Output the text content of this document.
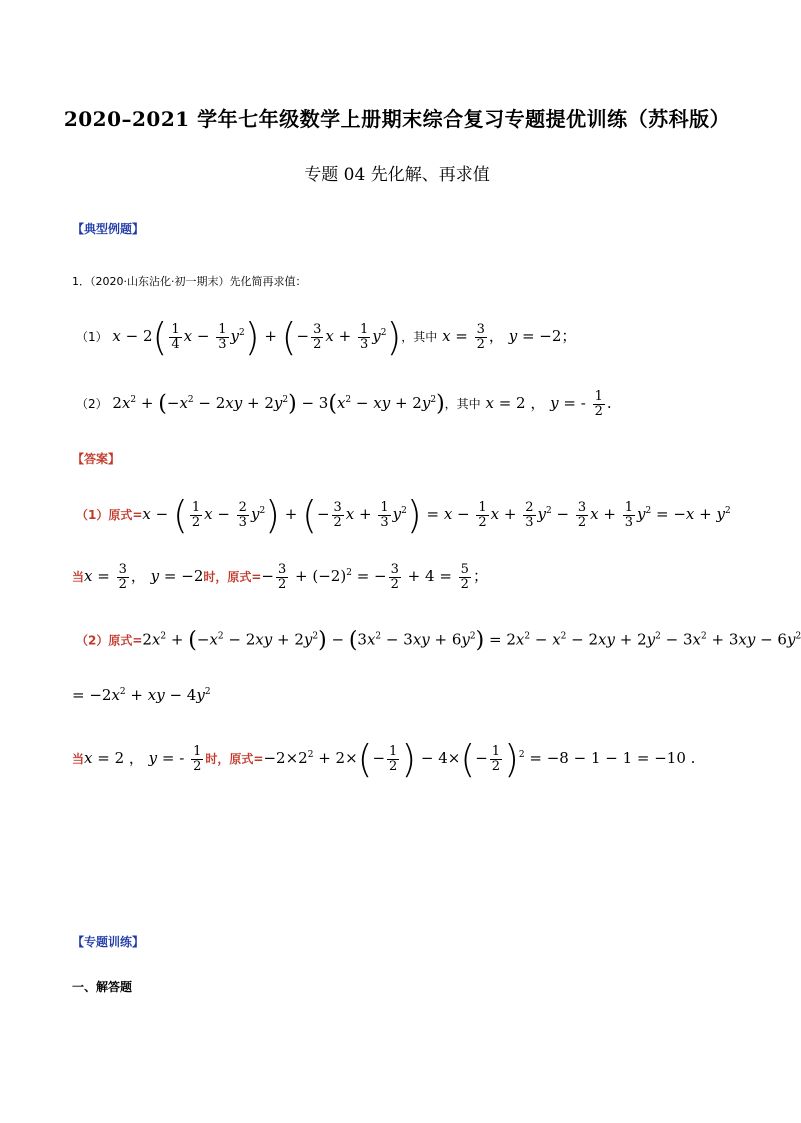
2020–2021 学年七年级数学上册期末综合复习专题提优训练（苏科版）
专题 04 先化解、再求值
【典型例题】
1．（2020·山东沾化·初一期末）先化简再求值：
（1） $x - 2( \frac{1}{4}$ $x - \frac{1}{3} y^2$) + (− $\frac{3}{2}$ $x + \frac{1}{3} y^2$)，其中 $x = \frac{3}{2}$ ， y = −2；
（2） $2x^2 + (-x^2 - 2xy + 2y^2) - 3(x^2$ − xy + $2y^2$)，其中 x = 2 ， y = - $\frac{1}{2}$ .
【答案】
（1）原式=x − ( $\frac{1}{2}$ $x - \frac{2}{3} y^2$) + (− $\frac{3}{2}$ $x + \frac{1}{3} y^2) = x - \frac{1}{2}$ $x + \frac{2}{3} y^2 - \frac{3}{2}$ $x + \frac{1}{3} y^2 = -x + y^2$
当$x = \frac{3}{2}$ ， y = −2时，原式=− $\frac{3}{2} + (-2)^2$ = − $\frac{3}{2} + 4 = \frac{5}{2}$ ；
（2）原式$=2x^2 + (-x^2 - 2xy + 2y^2) - (3x^2 - 3xy + 6y^2) = 2x^2 - x^2 - 2xy + 2y^2 - 3x^2 + 3xy - 6y^2$
= $-2x^2$ + xy − $4y^2$
当x = 2 ， y = - $\frac{1}{2}$ 时，原式$=-2\times 2^2 + 2\times(- \frac{1}{2}$ ) − $4\times(- \frac{1}{2} )^2 = -8 - 1 - 1 = -10$ .
【专题训练】
一、解答题
